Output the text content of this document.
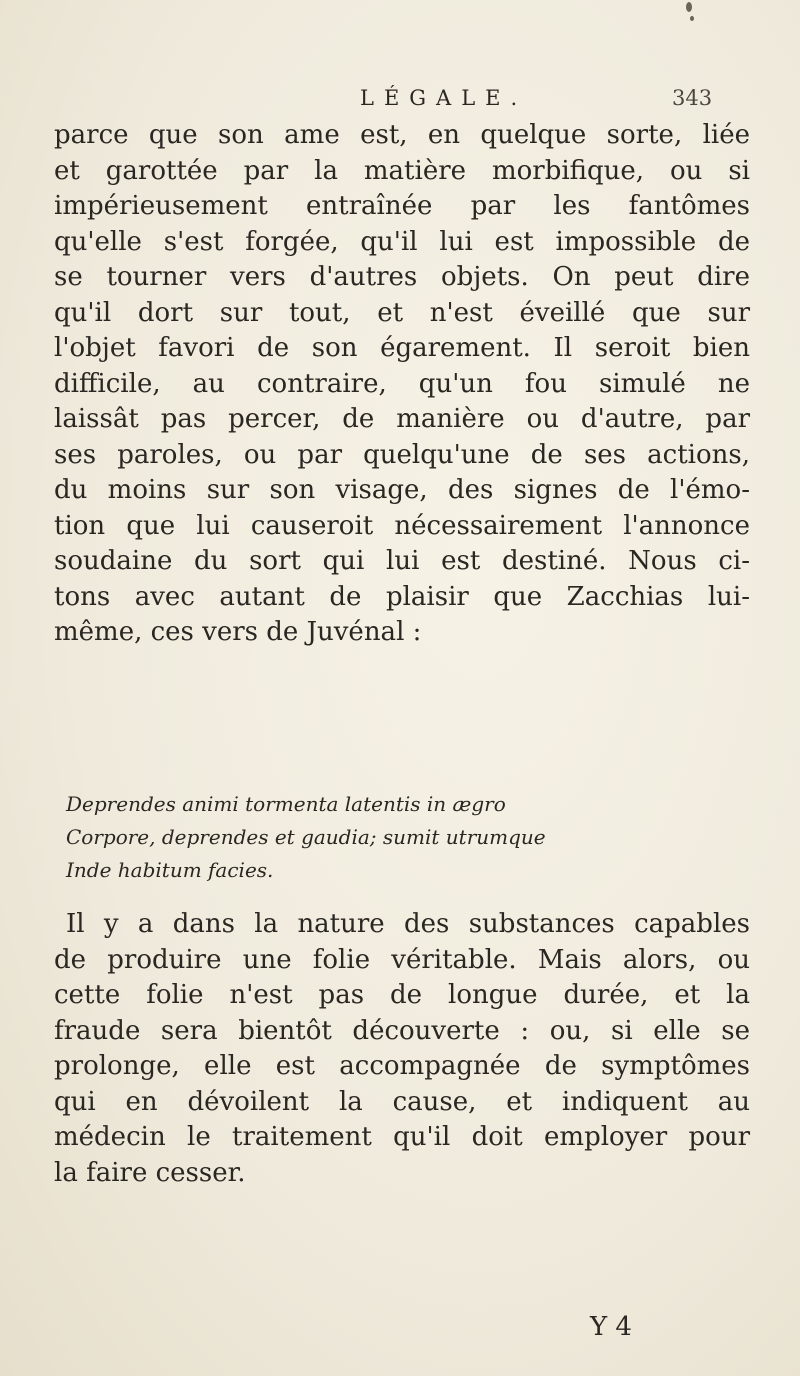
LÉGALE.	343
parce que son ame est, en quelque sorte, liée
et garottée par la matière morbifique, ou si
impérieusement entraînée par les fantômes
qu'elle s'est forgée, qu'il lui est impossible de
se tourner vers d'autres objets. On peut dire
qu'il dort sur tout, et n'est éveillé que sur
l'objet favori de son égarement. Il seroit bien
difficile, au contraire, qu'un fou simulé ne
laissât pas percer, de manière ou d'autre, par
ses paroles, ou par quelqu'une de ses actions,
du moins sur son visage, des signes de l'émo-
tion que lui causeroit nécessairement l'annonce
soudaine du sort qui lui est destiné. Nous ci-
tons avec autant de plaisir que Zacchias lui-
même, ces vers de Juvénal :
Deprendes animi tormenta latentis in ægro
Corpore, deprendes et gaudia; sumit utrumque
Inde habitum facies.
Il y a dans la nature des substances capables
de produire une folie véritable. Mais alors, ou
cette folie n'est pas de longue durée, et la
fraude sera bientôt découverte : ou, si elle se
prolonge, elle est accompagnée de symptômes
qui en dévoilent la cause, et indiquent au
médecin le traitement qu'il doit employer pour
la faire cesser.
Y 4
